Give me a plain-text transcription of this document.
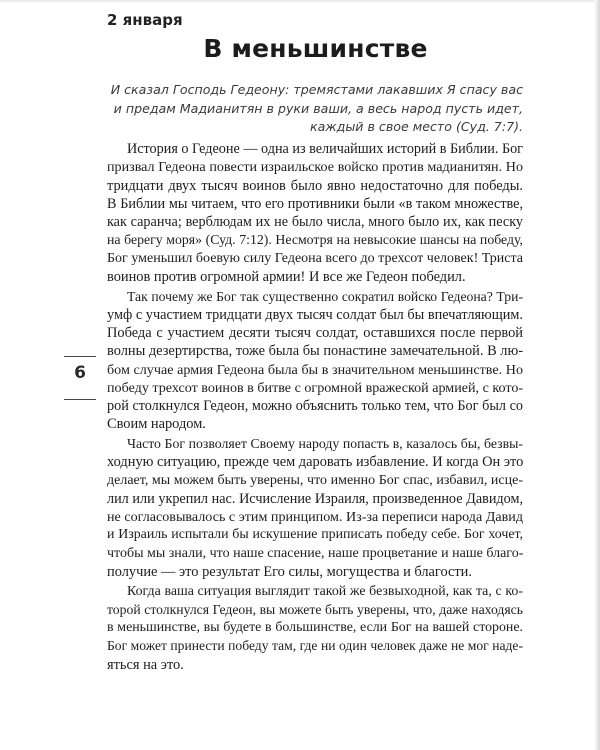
2 января

В меньшинстве

И сказал Господь Гедеону: тремястами лакавших Я спасу вас
и предам Мадианитян в руки ваши, а весь народ пусть идет,
каждый в свое место (Суд. 7:7).

История о Гедеоне — одна из величайших историй в Библии. Бог
призвал Гедеона повести израильское войско против мадианитян. Но
тридцати двух тысяч воинов было явно недостаточно для победы.
В Библии мы читаем, что его противники были «в таком множестве,
как саранча; верблюдам их не было числа, много было их, как песку
на берегу моря» (Суд. 7:12). Несмотря на невысокие шансы на победу,
Бог уменьшил боевую силу Гедеона всего до трехсот человек! Триста
воинов против огромной армии! И все же Гедеон победил.

Так почему же Бог так существенно сократил войско Гедеона? Три-
умф с участием тридцати двух тысяч солдат был бы впечатляющим.
Победа с участием десяти тысяч солдат, оставшихся после первой
волны дезертирства, тоже была бы понастине замечательной. В лю-
бом случае армия Гедеона была бы в значительном меньшинстве. Но
победу трехсот воинов в битве с огромной вражеской армией, с кото-
рой столкнулся Гедеон, можно объяснить только тем, что Бог был со
Своим народом.

Часто Бог позволяет Своему народу попасть в, казалось бы, безвы-
ходную ситуацию, прежде чем даровать избавление. И когда Он это
делает, мы можем быть уверены, что именно Бог спас, избавил, исце-
лил или укрепил нас. Исчисление Израиля, произведенное Давидом,
не согласовывалось с этим принципом. Из-за переписи народа Давид
и Израиль испытали бы искушение приписать победу себе. Бог хочет,
чтобы мы знали, что наше спасение, наше процветание и наше благо-
получие — это результат Его силы, могущества и благости.

Когда ваша ситуация выглядит такой же безвыходной, как та, с ко-
торой столкнулся Гедеон, вы можете быть уверены, что, даже находясь
в меньшинстве, вы будете в большинстве, если Бог на вашей стороне.
Бог может принести победу там, где ни один человек даже не мог наде-
яться на это.

6
